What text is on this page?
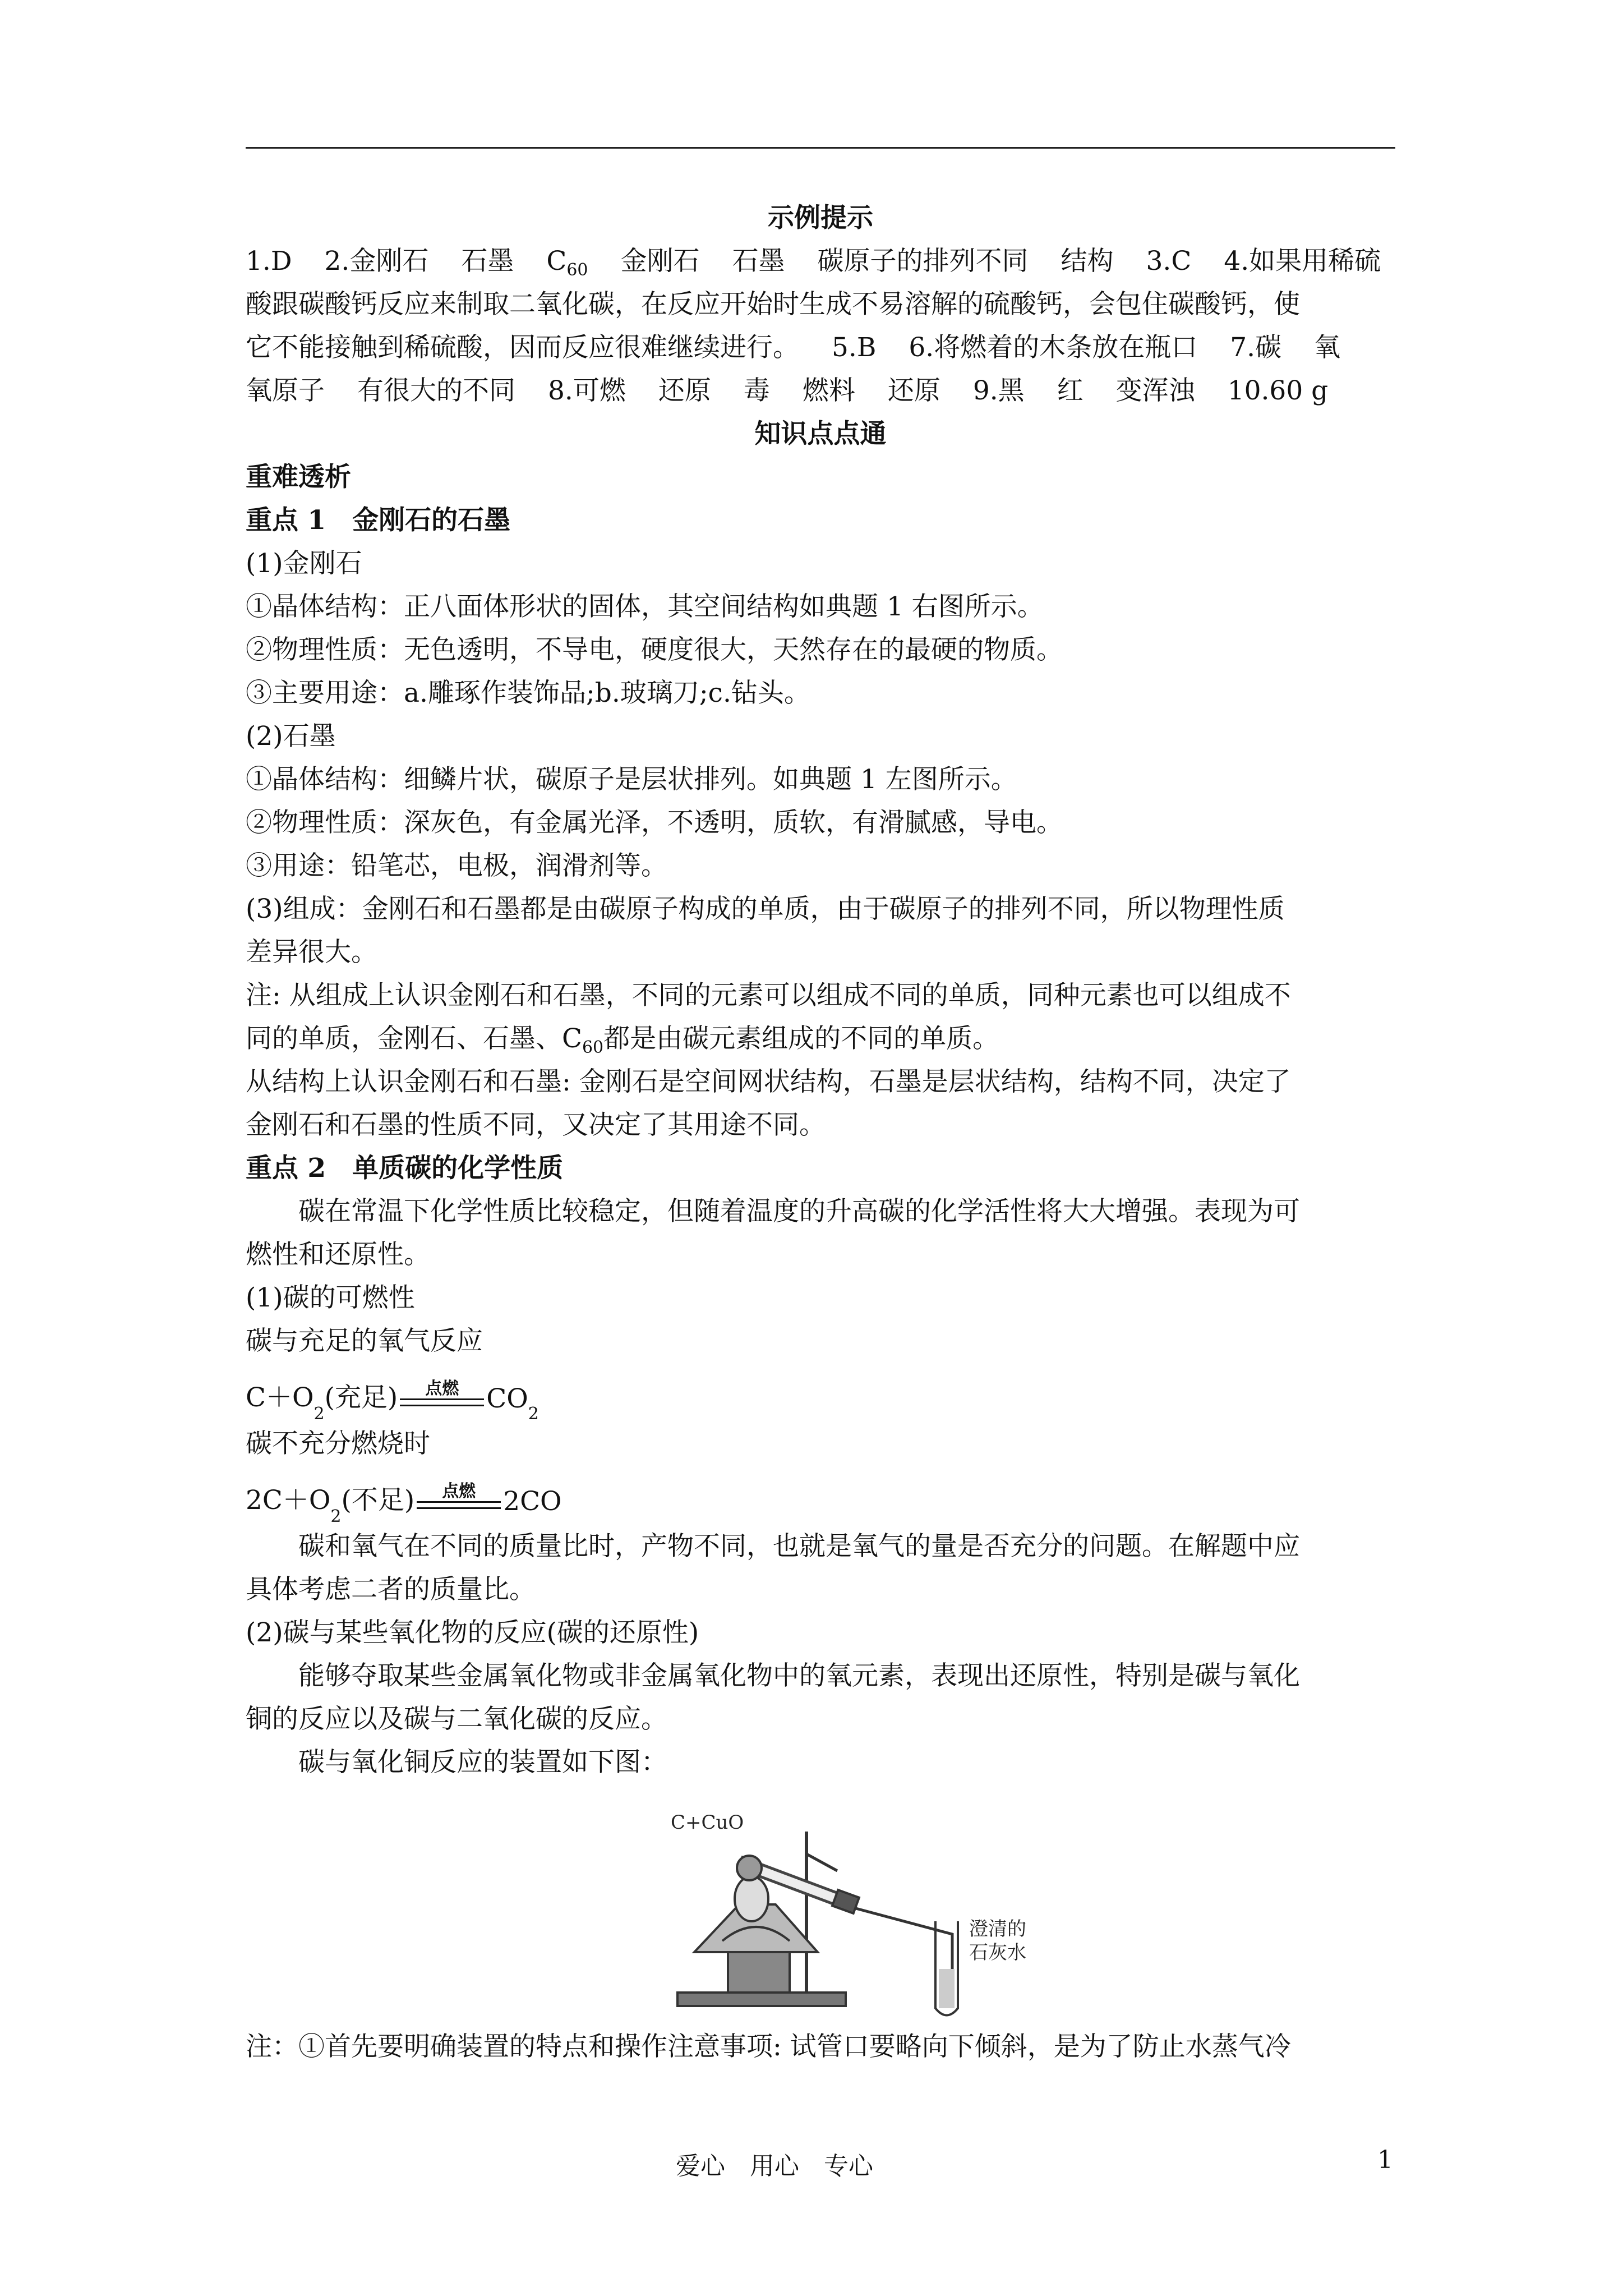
示例提示
1.D 2.金刚石 石墨 $C_{60}$ 金刚石 石墨 碳原子的排列不同 结构 3.C 4.如果用稀硫
酸跟碳酸钙反应来制取二氧化碳，在反应开始时生成不易溶解的硫酸钙，会包住碳酸钙，使
它不能接触到稀硫酸，因而反应很难继续进行。 5.B 6.将燃着的木条放在瓶口 7.碳 氧
氧原子 有很大的不同 8.可燃 还原 毒 燃料 还原 9.黑 红 变浑浊 10.60 g
知识点点通
重难透析
重点 1　金刚石的石墨
(1)金刚石
①晶体结构：正八面体形状的固体，其空间结构如典题 1 右图所示。
②物理性质：无色透明，不导电，硬度很大，天然存在的最硬的物质。
③主要用途：a.雕琢作装饰品;b.玻璃刀;c.钻头。
(2)石墨
①晶体结构：细鳞片状，碳原子是层状排列。如典题 1 左图所示。
②物理性质：深灰色，有金属光泽，不透明，质软，有滑腻感，导电。
③用途：铅笔芯，电极，润滑剂等。
(3)组成：金刚石和石墨都是由碳原子构成的单质，由于碳原子的排列不同，所以物理性质
差异很大。
注: 从组成上认识金刚石和石墨，不同的元素可以组成不同的单质，同种元素也可以组成不
同的单质，金刚石、石墨、$C_{60}$都是由碳元素组成的不同的单质。
从结构上认识金刚石和石墨: 金刚石是空间网状结构，石墨是层状结构，结构不同，决定了
金刚石和石墨的性质不同，又决定了其用途不同。
重点 2　单质碳的化学性质
碳在常温下化学性质比较稳定，但随着温度的升高碳的化学活性将大大增强。表现为可
燃性和还原性。
(1)碳的可燃性
碳与充足的氧气反应
C＋O
2
(充足) 点燃 CO 2
碳不充分燃烧时
2C＋O
2
(不足) 点燃 2CO
碳和氧气在不同的质量比时，产物不同，也就是氧气的量是否充分的问题。在解题中应
具体考虑二者的质量比。
(2)碳与某些氧化物的反应(碳的还原性)
能够夺取某些金属氧化物或非金属氧化物中的氧元素，表现出还原性，特别是碳与氧化
铜的反应以及碳与二氧化碳的反应。
碳与氧化铜反应的装置如下图：
C+CuO
澄清的
石灰水
注：①首先要明确装置的特点和操作注意事项: 试管口要略向下倾斜，是为了防止水蒸气冷
爱心　用心　专心	1
